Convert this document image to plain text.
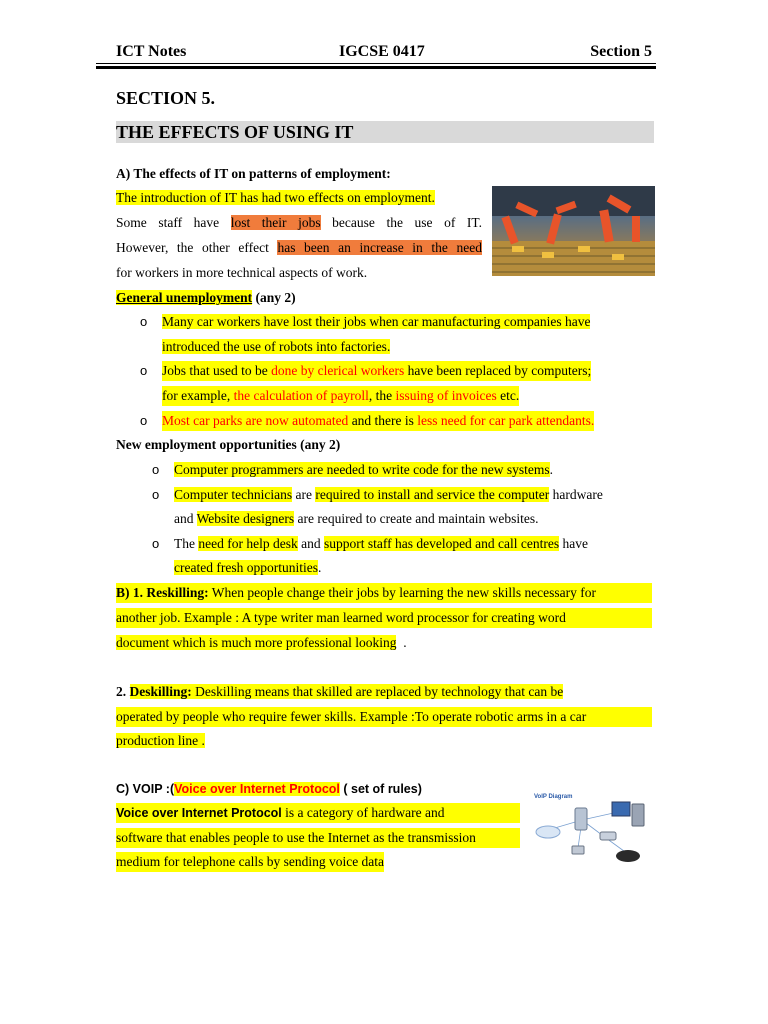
ICT Notes	IGCSE 0417	Section 5
SECTION 5.
THE EFFECTS OF USING IT
A) The effects of IT on patterns of employment:
The introduction of IT has had two effects on employment.
Some staff have lost their jobs because the use of IT.
However, the other effect has been an increase in the need
for workers in more technical aspects of work.
General unemployment (any 2)
o Many car workers have lost their jobs when car manufacturing companies have
introduced the use of robots into factories.
o Jobs that used to be done by clerical workers have been replaced by computers;
for example, the calculation of payroll, the issuing of invoices etc.
o Most car parks are now automated and there is less need for car park attendants.
New employment opportunities (any 2)
o Computer programmers are needed to write code for the new systems.
o Computer technicians are required to install and service the computer hardware
and Website designers are required to create and maintain websites.
o The need for help desk and support staff has developed and call centres have
created fresh opportunities.
B) 1. Reskilling: When people change their jobs by learning the new skills necessary for
another job. Example : A type writer man learned word processor for creating word
document which is much more professional looking .
2. Deskilling: Deskilling means that skilled are replaced by technology that can be
operated by people who require fewer skills. Example :To operate robotic arms in a car
production line .
C) VOIP :(Voice over Internet Protocol ( set of rules)
Voice over Internet Protocol is a category of hardware and
software that enables people to use the Internet as the transmission
medium for telephone calls by sending voice data
VoIP Diagram
